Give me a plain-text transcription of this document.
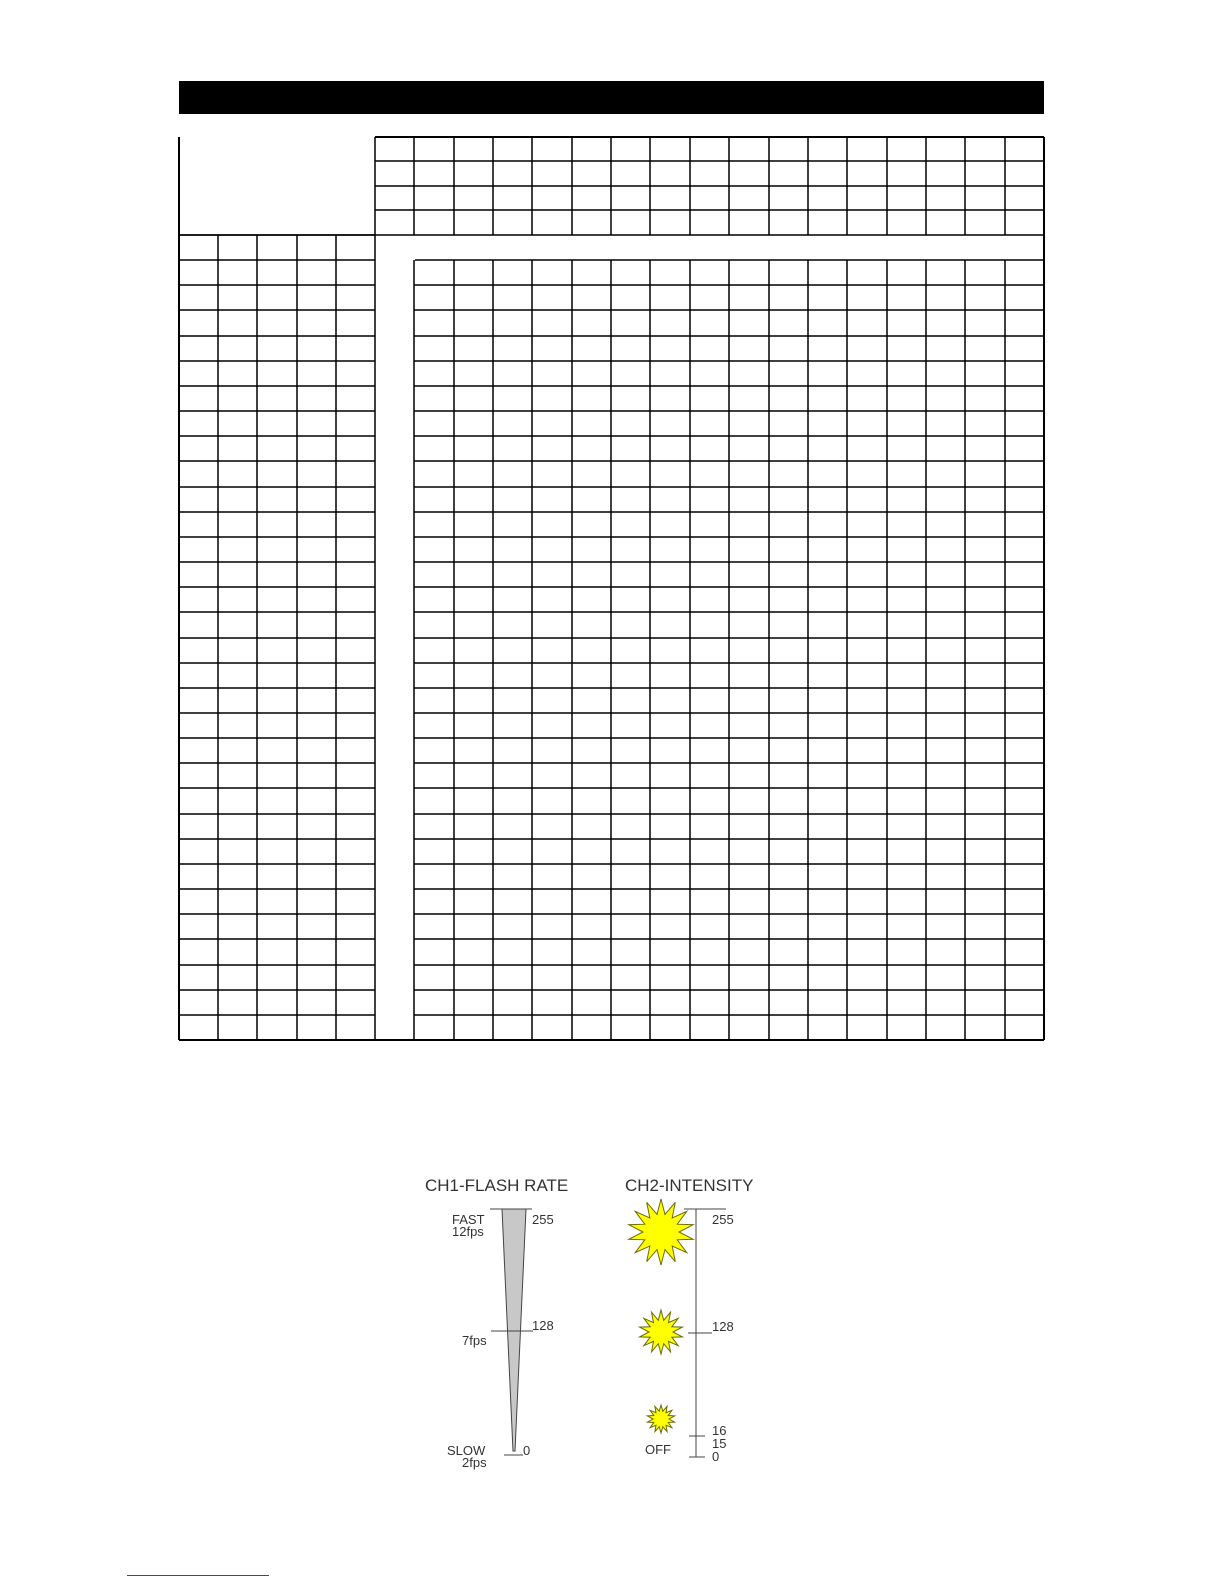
CH1-FLASH RATE	CH2-INTENSITY
FAST
12fps
255
128
7fps
SLOW
2fps
0
255
128
16
15
0
OFF
